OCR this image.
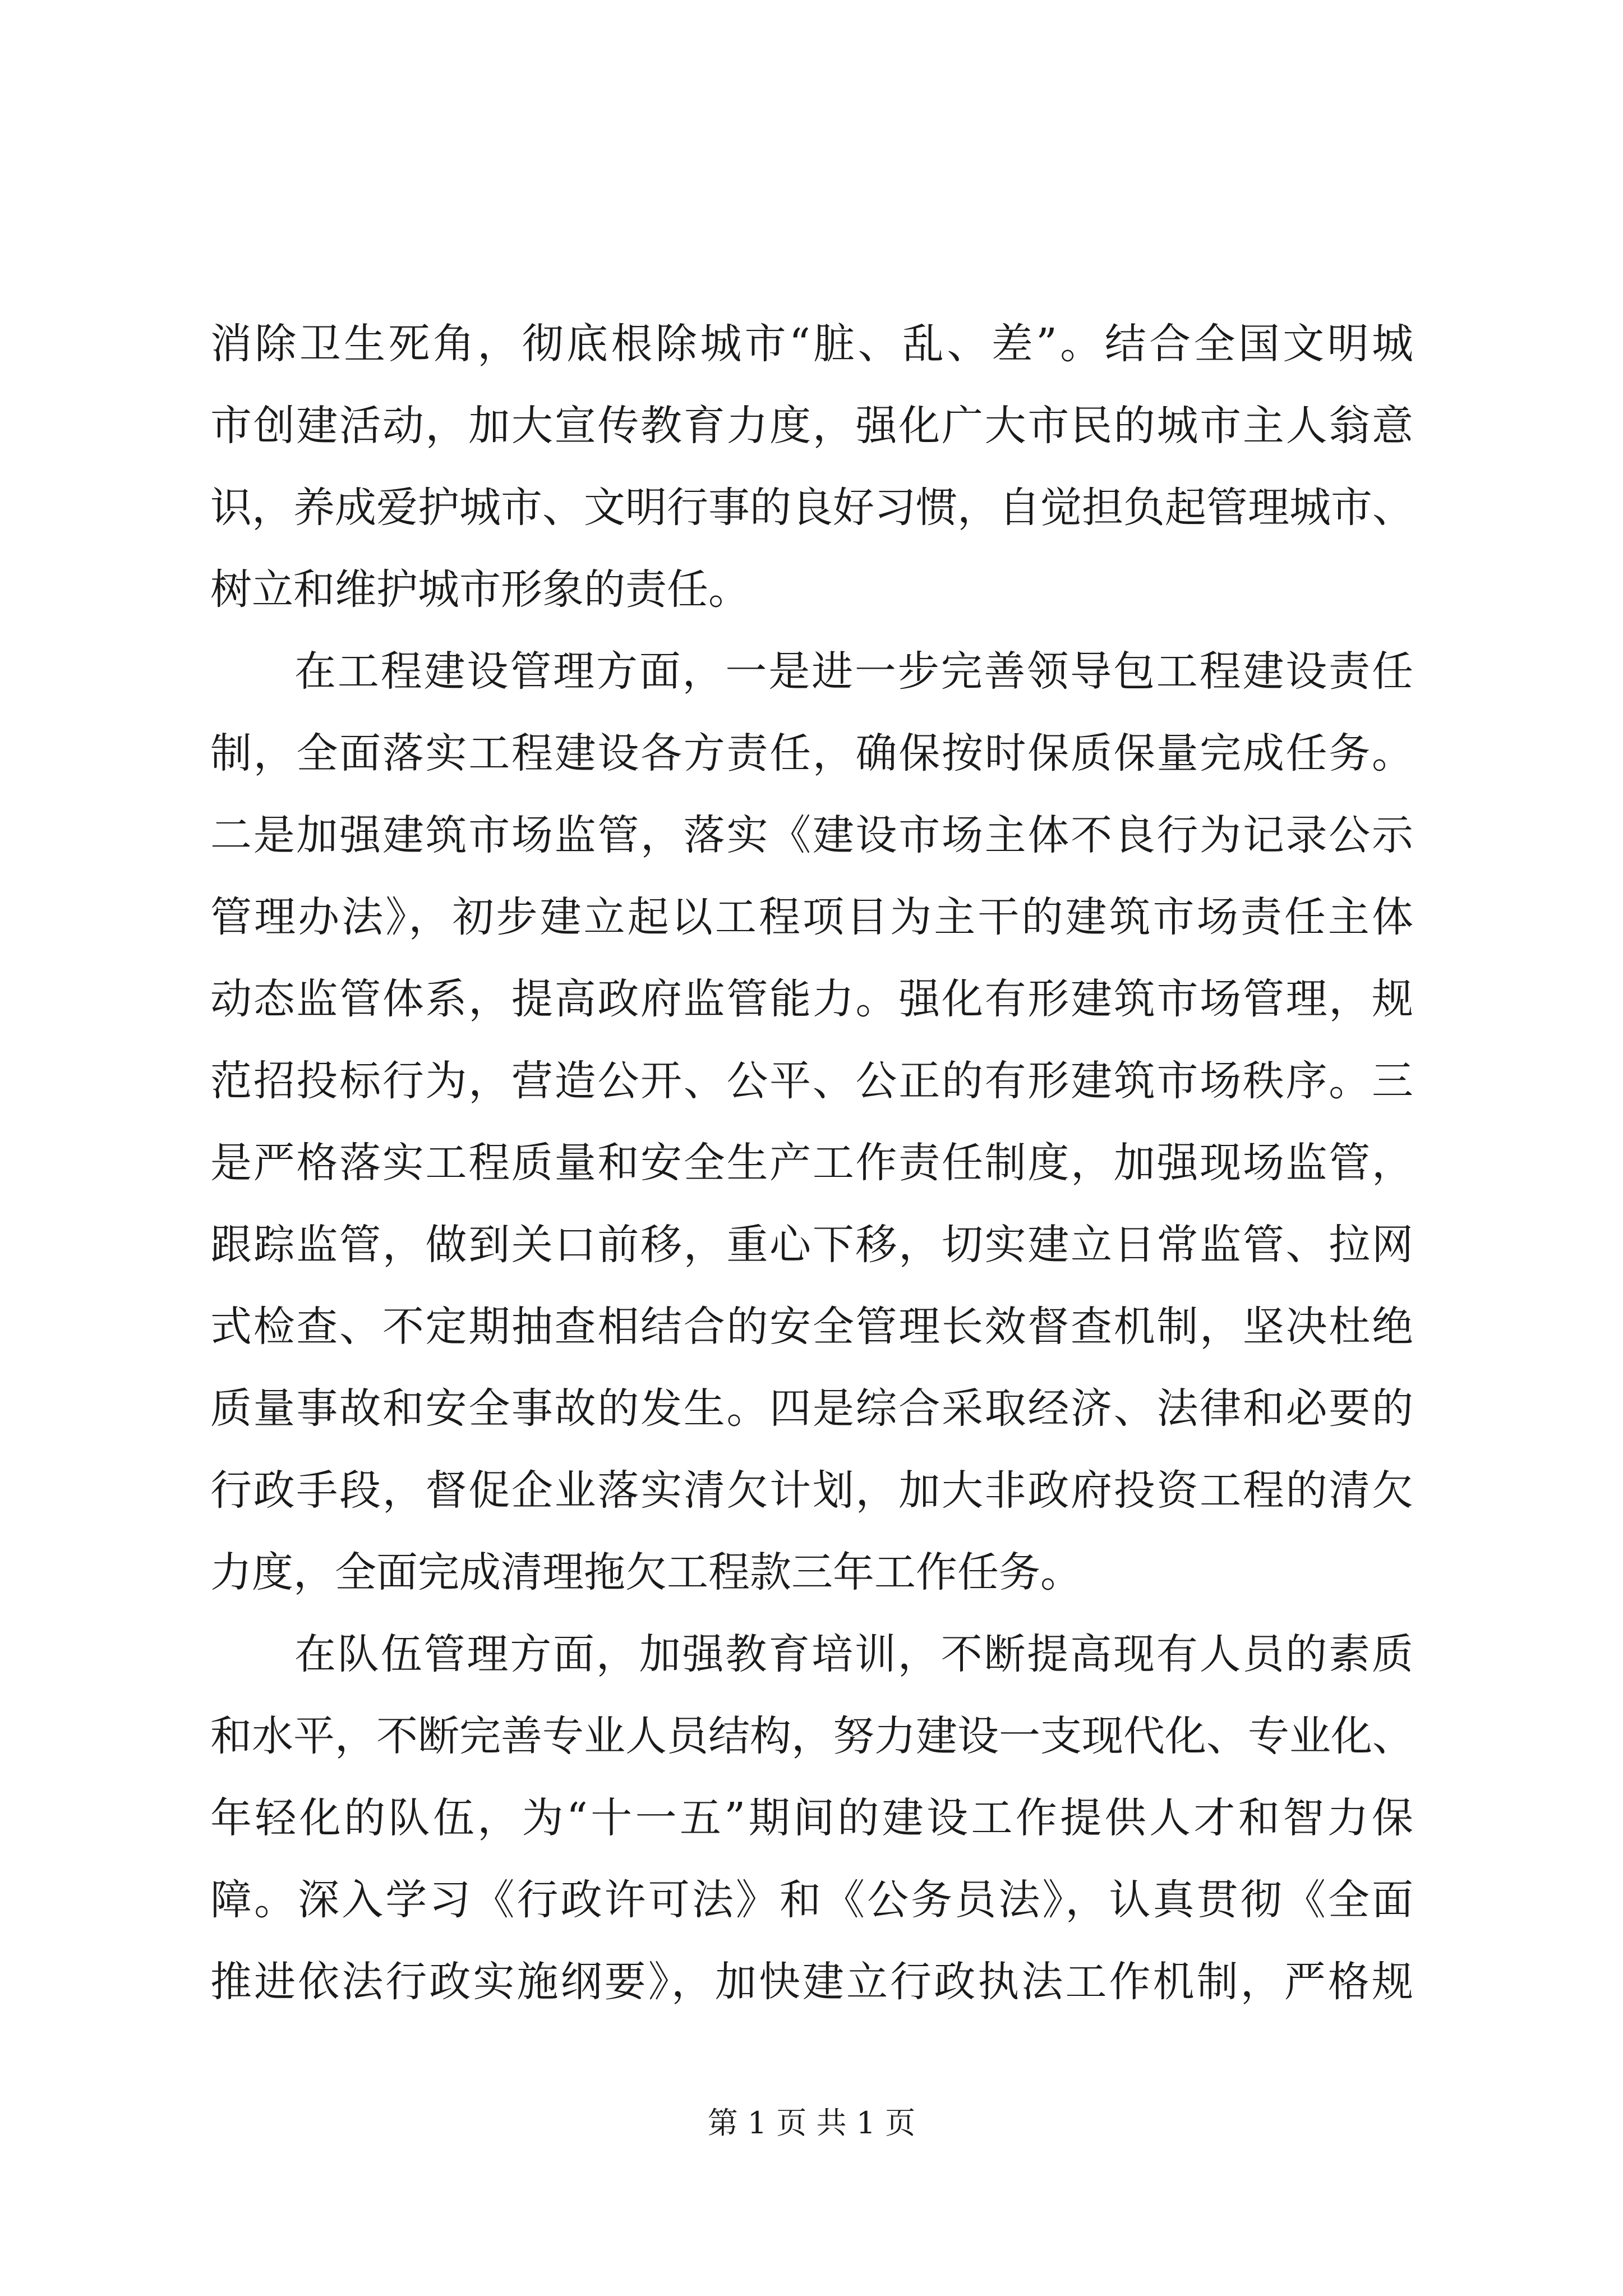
消除卫生死角，彻底根除城市“脏、乱、差”。结合全国文明城
市创建活动，加大宣传教育力度，强化广大市民的城市主人翁意
识，养成爱护城市、文明行事的良好习惯，自觉担负起管理城市、
树立和维护城市形象的责任。
在工程建设管理方面，一是进一步完善领导包工程建设责任
制，全面落实工程建设各方责任，确保按时保质保量完成任务。
二是加强建筑市场监管，落实《建设市场主体不良行为记录公示
管理办法》，初步建立起以工程项目为主干的建筑市场责任主体
动态监管体系，提高政府监管能力。强化有形建筑市场管理，规
范招投标行为，营造公开、公平、公正的有形建筑市场秩序。三
是严格落实工程质量和安全生产工作责任制度，加强现场监管，
跟踪监管，做到关口前移，重心下移，切实建立日常监管、拉网
式检查、不定期抽查相结合的安全管理长效督查机制，坚决杜绝
质量事故和安全事故的发生。四是综合采取经济、法律和必要的
行政手段，督促企业落实清欠计划，加大非政府投资工程的清欠
力度，全面完成清理拖欠工程款三年工作任务。
在队伍管理方面，加强教育培训，不断提高现有人员的素质
和水平，不断完善专业人员结构，努力建设一支现代化、专业化、
年轻化的队伍，为“十一五”期间的建设工作提供人才和智力保
障。深入学习《行政许可法》和《公务员法》，认真贯彻《全面
推进依法行政实施纲要》，加快建立行政执法工作机制，严格规
第 1 页 共 1 页
